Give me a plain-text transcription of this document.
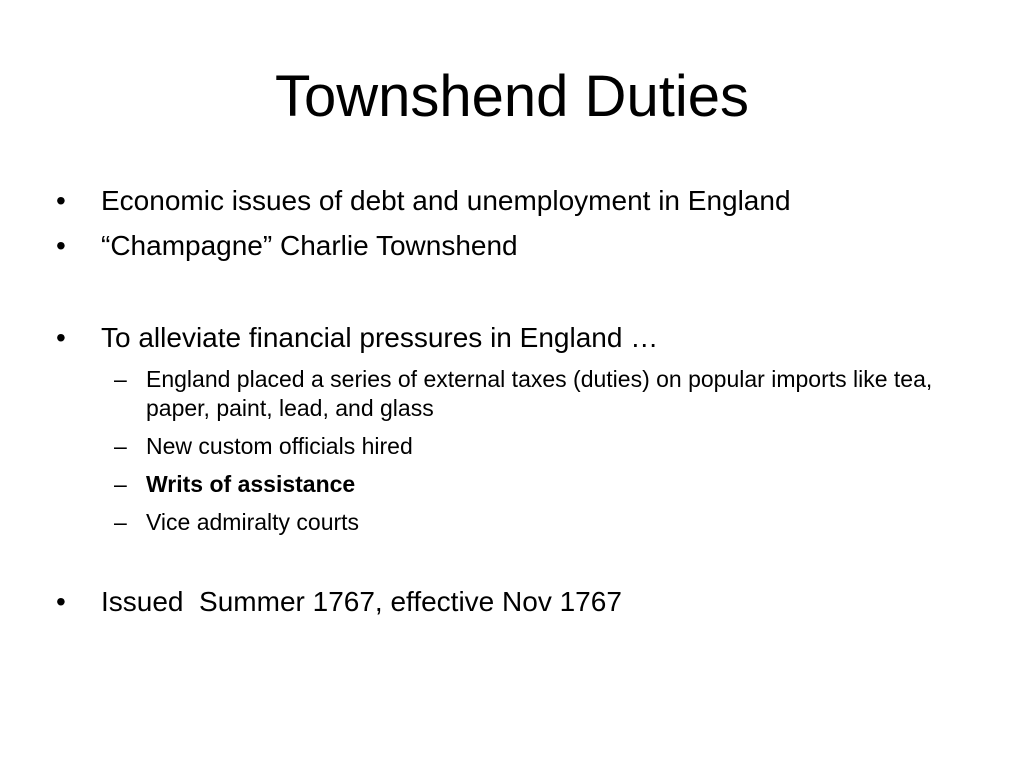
Townshend Duties
•	Economic issues of debt and unemployment in England
•	“Champagne” Charlie Townshend
•	To alleviate financial pressures in England …
– England placed a series of external taxes (duties) on popular imports like tea, paper, paint, lead, and glass
– New custom officials hired
– Writs of assistance
– Vice admiralty courts
•	Issued  Summer 1767, effective Nov 1767
